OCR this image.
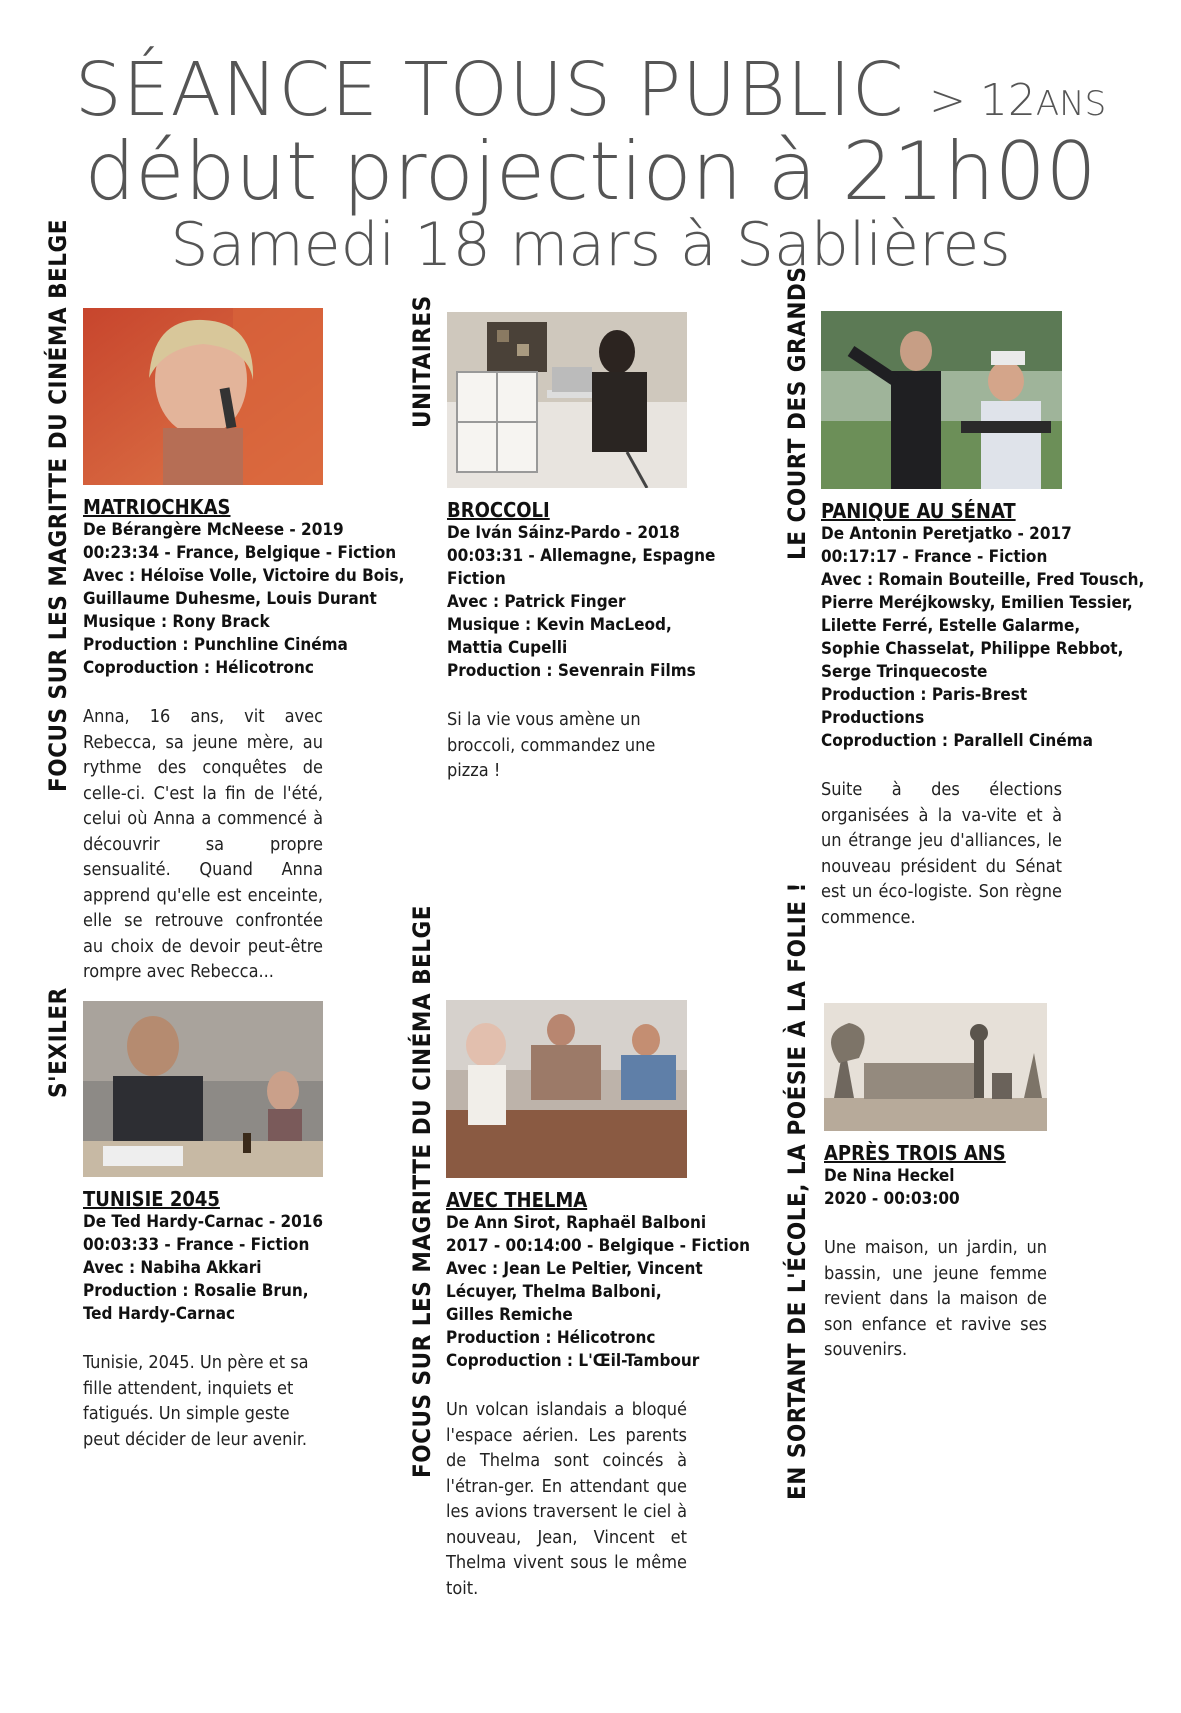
SÉANCE TOUS PUBLIC > 12ANS
début projection à 21h00
Samedi 18 mars à Sablières
FOCUS SUR LES MAGRITTE DU CINÉMA BELGE	UNITAIRES	LE COURT DES GRANDS
S'EXILER	FOCUS SUR LES MAGRITTE DU CINÉMA BELGE	EN SORTANT DE L'ÉCOLE, LA POÉSIE À LA FOLIE !
MATRIOCHKAS
De Bérangère McNeese - 2019
00:23:34 - France, Belgique - Fiction
Avec : Héloïse Volle, Victoire du Bois,
Guillaume Duhesme, Louis Durant
Musique : Rony Brack
Production : Punchline Cinéma
Coproduction : Hélicotronc
Anna, 16 ans, vit avec Rebecca, sa jeune mère, au rythme des conquêtes de celle-ci. C'est la fin de l'été, celui où Anna a commencé à découvrir sa propre sensualité. Quand Anna apprend qu'elle est enceinte, elle se retrouve confrontée au choix de devoir peut-être rompre avec Rebecca...
BROCCOLI
De Iván Sáinz-Pardo - 2018
00:03:31 - Allemagne, Espagne
Fiction
Avec : Patrick Finger
Musique : Kevin MacLeod,
Mattia Cupelli
Production : Sevenrain Films
Si la vie vous amène un broccoli, commandez une pizza !
PANIQUE AU SÉNAT
De Antonin Peretjatko - 2017
00:17:17 - France - Fiction
Avec : Romain Bouteille, Fred Tousch,
Pierre Meréjkowsky, Emilien Tessier,
Lilette Ferré, Estelle Galarme,
Sophie Chasselat, Philippe Rebbot,
Serge Trinquecoste
Production : Paris-Brest
Productions
Coproduction : Parallell Cinéma
Suite à des élections organisées à la va-vite et à un étrange jeu d'alliances, le nouveau président du Sénat est un éco-logiste. Son règne commence.
TUNISIE 2045
De Ted Hardy-Carnac - 2016
00:03:33 - France - Fiction
Avec : Nabiha Akkari
Production : Rosalie Brun,
Ted Hardy-Carnac
Tunisie, 2045. Un père et sa fille attendent, inquiets et fatigués. Un simple geste peut décider de leur avenir.
AVEC THELMA
De Ann Sirot, Raphaël Balboni
2017 - 00:14:00 - Belgique - Fiction
Avec : Jean Le Peltier, Vincent
Lécuyer, Thelma Balboni,
Gilles Remiche
Production : Hélicotronc
Coproduction : L'Œil-Tambour
Un volcan islandais a bloqué l'espace aérien. Les parents de Thelma sont coincés à l'étran-ger. En attendant que les avions traversent le ciel à nouveau, Jean, Vincent et Thelma vivent sous le même toit.
APRÈS TROIS ANS
De Nina Heckel
2020 - 00:03:00
Une maison, un jardin, un bassin, une jeune femme revient dans la maison de son enfance et ravive ses souvenirs.
